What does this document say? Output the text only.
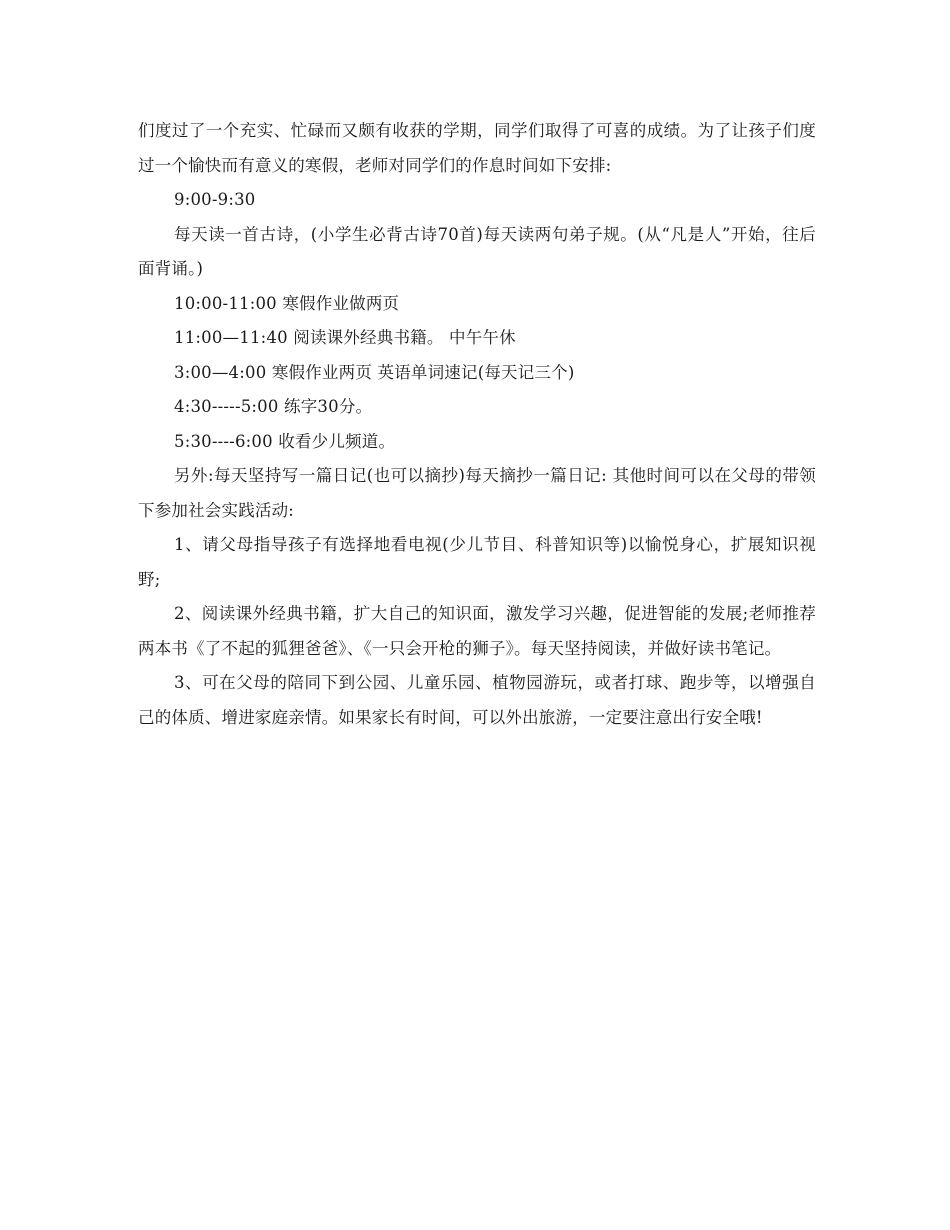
们度过了一个充实、忙碌而又颇有收获的学期，同学们取得了可喜的成绩。为了让孩子们度过一个愉快而有意义的寒假，老师对同学们的作息时间如下安排:

9:00-9:30

每天读一首古诗，(小学生必背古诗70首)每天读两句弟子规。(从“凡是人”开始，往后面背诵。)

10:00-11:00 寒假作业做两页

11:00—11:40 阅读课外经典书籍。 中午午休

3:00—4:00 寒假作业两页 英语单词速记(每天记三个)

4:30-----5:00 练字30分。

5:30----6:00 收看少儿频道。

另外:每天坚持写一篇日记(也可以摘抄)每天摘抄一篇日记: 其他时间可以在父母的带领下参加社会实践活动:

1、请父母指导孩子有选择地看电视(少儿节目、科普知识等)以愉悦身心，扩展知识视野;

2、阅读课外经典书籍，扩大自己的知识面，激发学习兴趣，促进智能的发展;老师推荐两本书《了不起的狐狸爸爸》、《一只会开枪的狮子》。每天坚持阅读，并做好读书笔记。

3、可在父母的陪同下到公园、儿童乐园、植物园游玩，或者打球、跑步等，以增强自己的体质、增进家庭亲情。如果家长有时间，可以外出旅游，一定要注意出行安全哦!
